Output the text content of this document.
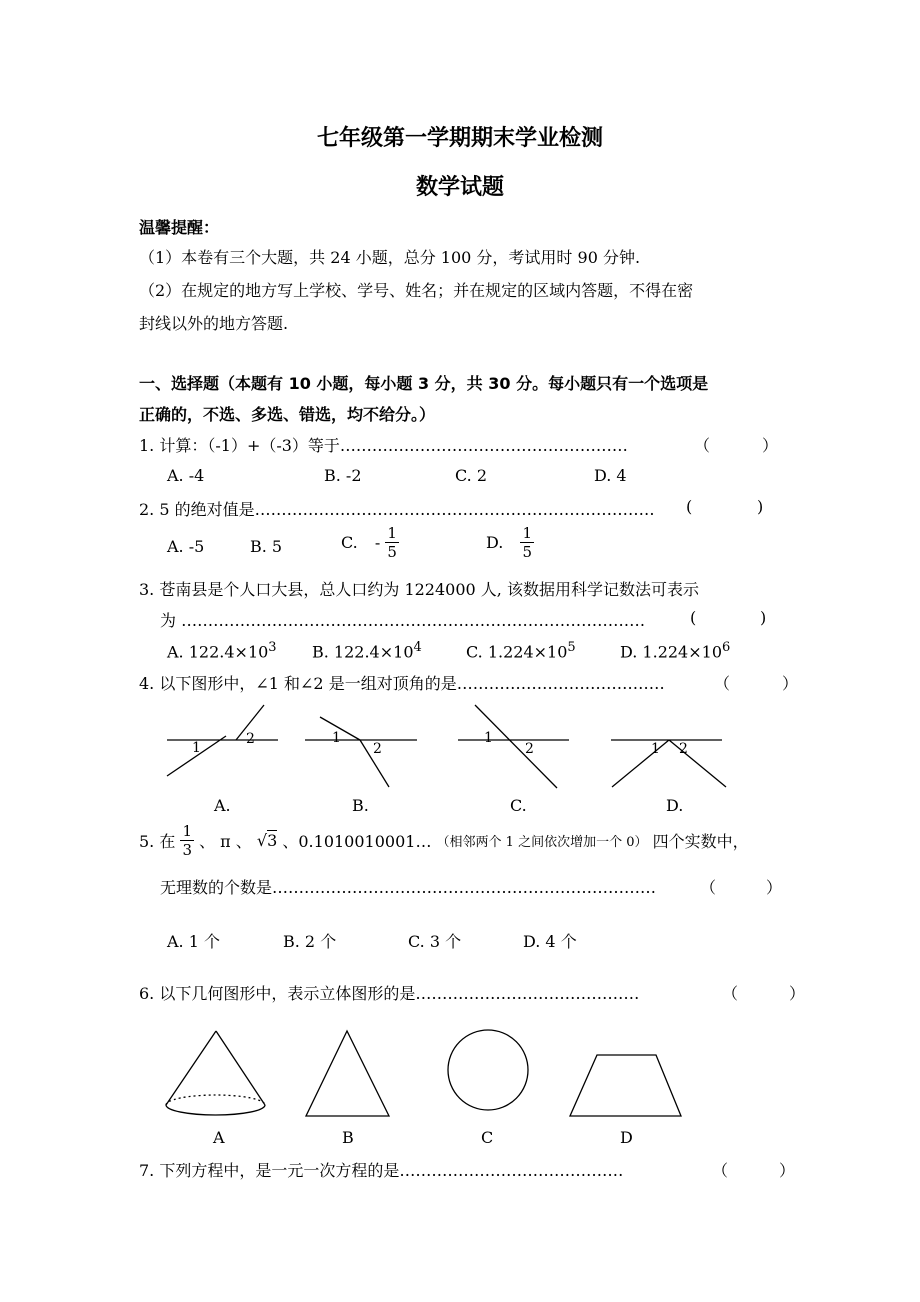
七年级第一学期期末学业检测
数学试题
温馨提醒：
（1）本卷有三个大题，共 24 小题，总分 100 分，考试用时 90 分钟.
（2）在规定的地方写上学校、学号、姓名；并在规定的区域内答题，不得在密
封线以外的地方答题.
一、选择题（本题有 10 小题，每小题 3 分，共 30 分。每小题只有一个选项是
正确的，不选、多选、错选，均不给分。）
1. 计算：（-1）+（-3）等于………………………………………………	（	）
A. -4	B. -2	C. 2	D. 4
2. 5 的绝对值是………………………………………………………………… (	)
A. -5	B. 5	C. - $\frac{1}{5}$	D. $\frac{1}{5}$
3. 苍南县是个人口大县，总人口约为 1224000 人, 该数据用科学记数法可表示
为 ……………………………………………………………………………	(	)
A. $122.4\times 10^3$ B. $122.4\times 10^4$	C. $1.224\times 10^5$	D. $1.224\times 10^6$
4. 以下图形中，∠1 和∠2 是一组对顶角的是…………………………………	（	）
1
2	1
2
1
2	1 2
A.	B.	C.	D.
5. 在 $\frac{1}{3}$ 、 π 、 √3 、0.1010010001… （相邻两个 1 之间依次增加一个 0） 四个实数中，
无理数的个数是………………………………………………………………	（	）
A. 1 个	B. 2 个	C. 3 个	D. 4 个
6. 以下几何图形中，表示立体图形的是……………………………………	（	）
A	B	C	D
7. 下列方程中，是一元一次方程的是……………………………………	（	）
